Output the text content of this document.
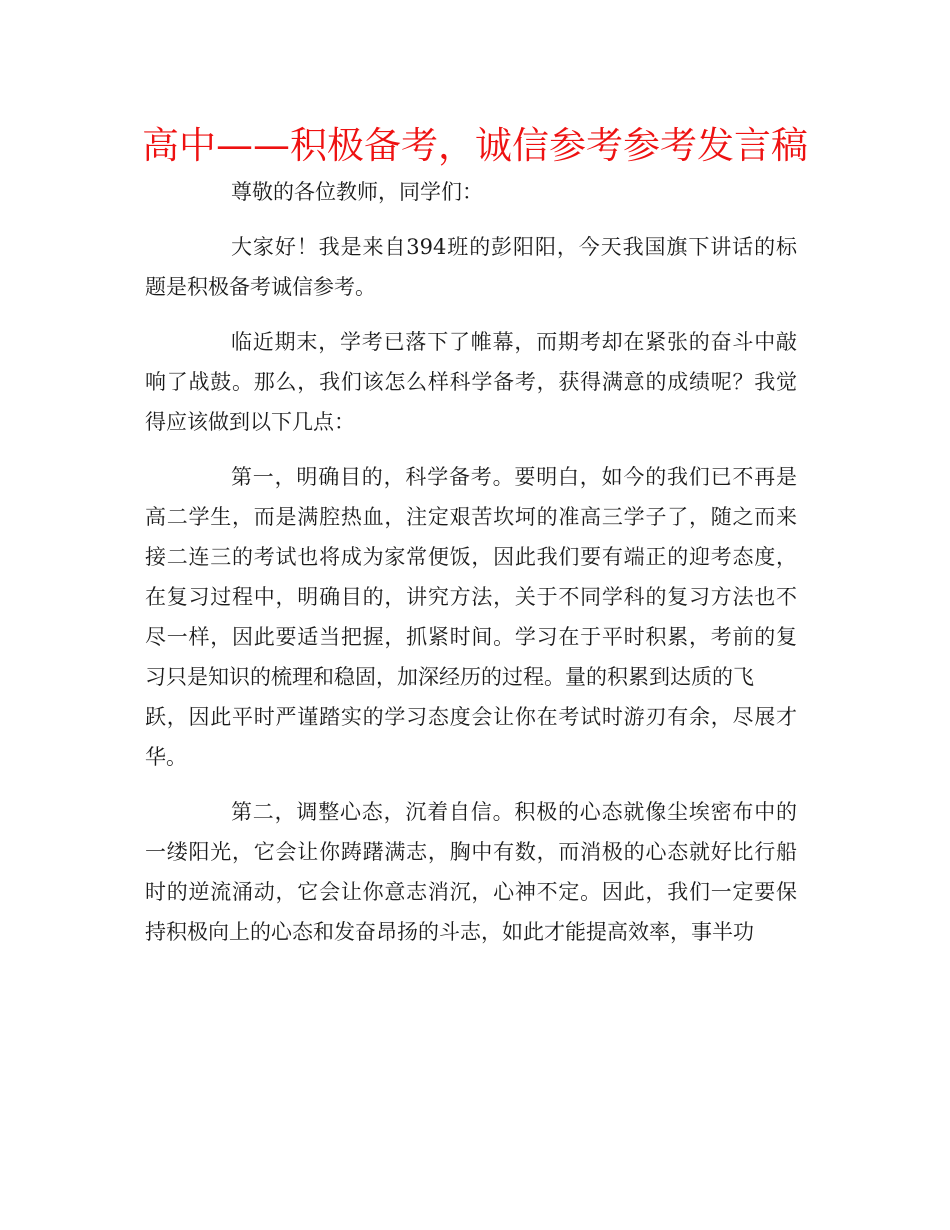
高中——积极备考，诚信参考参考发言稿
尊敬的各位教师，同学们：
大家好！我是来自394班的彭阳阳，今天我国旗下讲话的标
题是积极备考诚信参考。
临近期末，学考已落下了帷幕，而期考却在紧张的奋斗中敲
响了战鼓。那么，我们该怎么样科学备考，获得满意的成绩呢？我觉
得应该做到以下几点：
第一，明确目的，科学备考。要明白，如今的我们已不再是
高二学生，而是满腔热血，注定艰苦坎坷的准高三学子了，随之而来
接二连三的考试也将成为家常便饭，因此我们要有端正的迎考态度，
在复习过程中，明确目的，讲究方法，关于不同学科的复习方法也不
尽一样，因此要适当把握，抓紧时间。学习在于平时积累，考前的复
习只是知识的梳理和稳固，加深经历的过程。量的积累到达质的飞
跃，因此平时严谨踏实的学习态度会让你在考试时游刃有余，尽展才
华。
第二，调整心态，沉着自信。积极的心态就像尘埃密布中的
一缕阳光，它会让你踌躇满志，胸中有数，而消极的心态就好比行船
时的逆流涌动，它会让你意志消沉，心神不定。因此，我们一定要保
持积极向上的心态和发奋昂扬的斗志，如此才能提高效率，事半功
